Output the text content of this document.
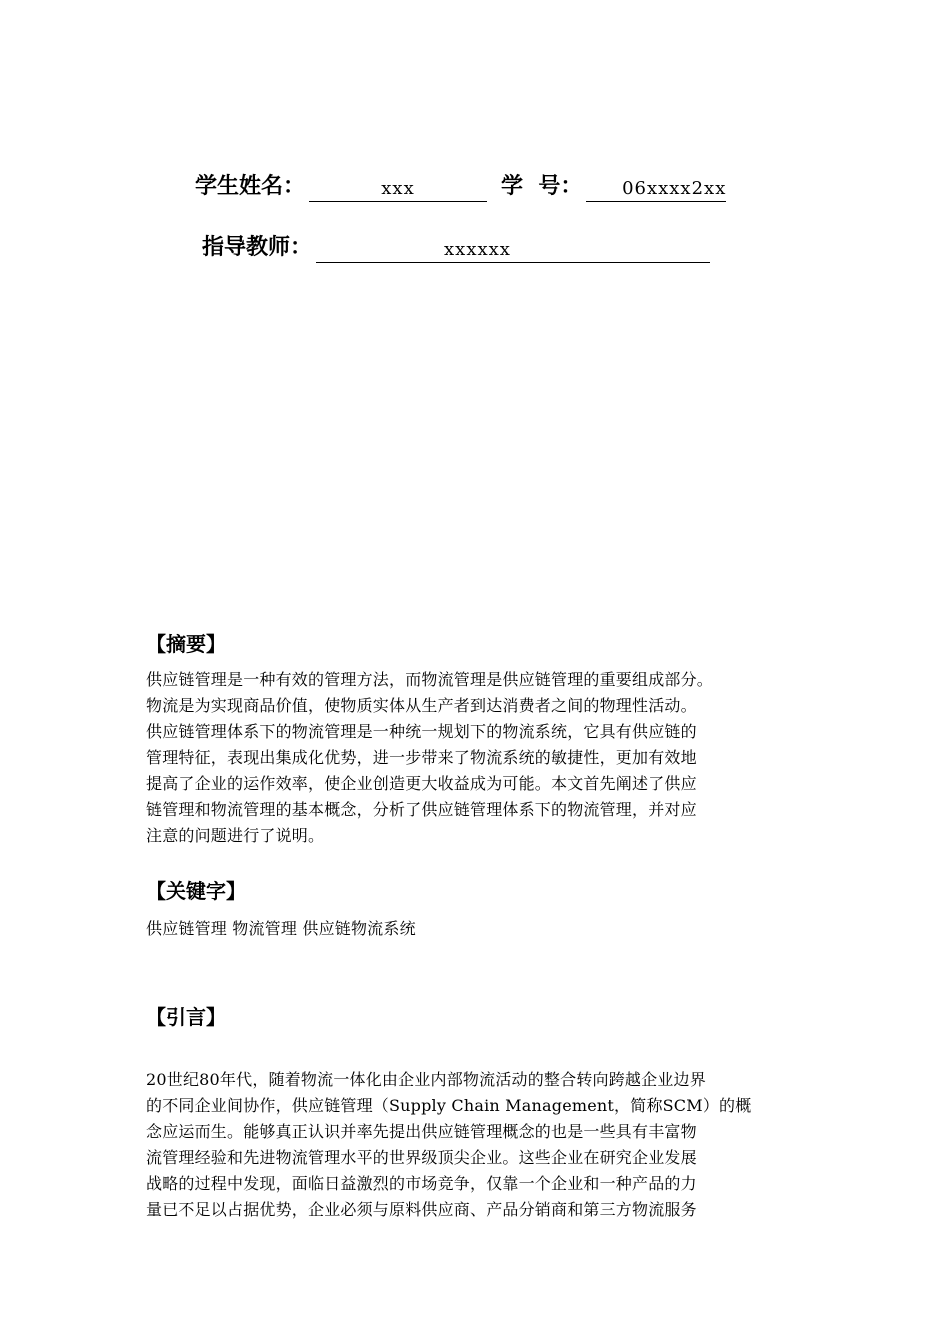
学生姓名：	xxx	学  号：	06xxxx2xx
指导教师：	xxxxxx
【摘要】
供应链管理是一种有效的管理方法，而物流管理是供应链管理的重要组成部分。
物流是为实现商品价值，使物质实体从生产者到达消费者之间的物理性活动。
供应链管理体系下的物流管理是一种统一规划下的物流系统，它具有供应链的
管理特征，表现出集成化优势，进一步带来了物流系统的敏捷性，更加有效地
提高了企业的运作效率，使企业创造更大收益成为可能。本文首先阐述了供应
链管理和物流管理的基本概念，分析了供应链管理体系下的物流管理，并对应
注意的问题进行了说明。
【关键字】
供应链管理 物流管理 供应链物流系统
【引言】
20世纪80年代，随着物流一体化由企业内部物流活动的整合转向跨越企业边界
的不同企业间协作，供应链管理（Supply Chain Management，简称SCM）的概
念应运而生。能够真正认识并率先提出供应链管理概念的也是一些具有丰富物
流管理经验和先进物流管理水平的世界级顶尖企业。这些企业在研究企业发展
战略的过程中发现，面临日益激烈的市场竞争，仅靠一个企业和一种产品的力
量已不足以占据优势，企业必须与原料供应商、产品分销商和第三方物流服务
